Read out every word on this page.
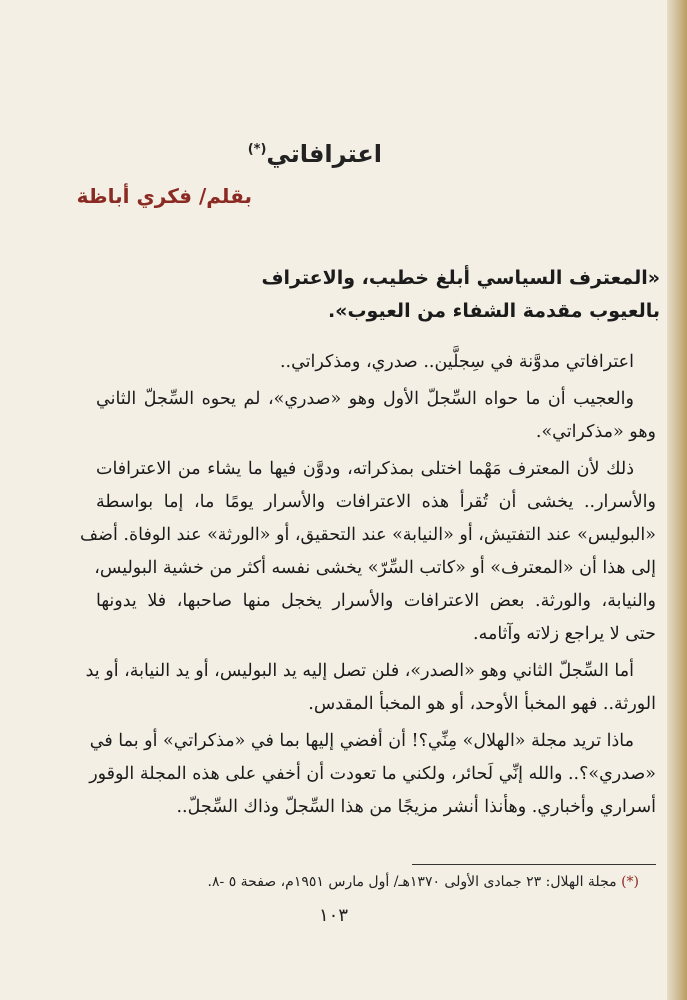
اعترافاتي(*)
بقلم/ فكري أباظة
«المعترف السياسي أبلغ خطيب، والاعتراف
بالعيوب مقدمة الشفاء من العيوب».

اعترافاتي مدوَّنة في سِجلَّين.. صدري، ومذكراتي..

والعجيب أن ما حواه السِّجلّ الأول وهو «صدري»، لم يحوه السِّجلّ الثاني
وهو «مذكراتي».

ذلك لأن المعترف مَهْما اختلى بمذكراته، ودوَّن فيها ما يشاء من الاعترافات
والأسرار.. يخشى أن تُقرأ هذه الاعترافات والأسرار يومًا ما، إما بواسطة
«البوليس» عند التفتيش، أو «النيابة» عند التحقيق، أو «الورثة» عند الوفاة. أضف
إلى هذا أن «المعترف» أو «كاتب السِّرّ» يخشى نفسه أكثر من خشية البوليس،
والنيابة، والورثة. بعض الاعترافات والأسرار يخجل منها صاحبها، فلا يدونها
حتى لا يراجع زلاته وآثامه.

أما السِّجلّ الثاني وهو «الصدر»، فلن تصل إليه يد البوليس، أو يد النيابة، أو يد
الورثة.. فهو المخبأ الأوحد، أو هو المخبأ المقدس.

ماذا تريد مجلة «الهلال» مِنِّي؟! أن أفضي إليها بما في «مذكراتي» أو بما في
«صدري»؟.. والله إنِّي لَحائر، ولكني ما تعودت أن أخفي على هذه المجلة الوقور
أسراري وأخباري. وهأنذا أنشر مزيجًا من هذا السِّجلّ وذاك السِّجلّ..

(*) مجلة الهلال: ٢٣ جمادى الأولى ١٣٧٠هـ/ أول مارس ١٩٥١م، صفحة ٥ -٨.
١٠٣
